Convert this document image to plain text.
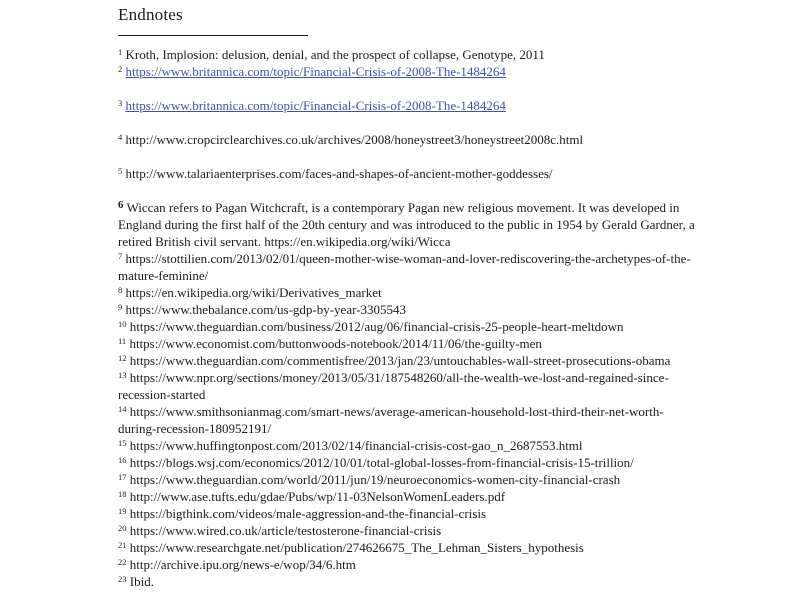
Endnotes

$^1$ Kroth, Implosion: delusion, denial, and the prospect of collapse, Genotype, 2011

$^2$ https://www.britannica.com/topic/Financial-Crisis-of-2008-The-1484264

$^3$ https://www.britannica.com/topic/Financial-Crisis-of-2008-The-1484264

$^4$ http://www.cropcirclearchives.co.uk/archives/2008/honeystreet3/honeystreet2008c.html

$^5$ http://www.talariaenterprises.com/faces-and-shapes-of-ancient-mother-goddesses/

$^6$ Wiccan refers to Pagan Witchcraft, is a contemporary Pagan new religious movement. It was developed in England during the first half of the 20th century and was introduced to the public in 1954 by Gerald Gardner, a retired British civil servant. https://en.wikipedia.org/wiki/Wicca

$^7$ https://stottilien.com/2013/02/01/queen-mother-wise-woman-and-lover-rediscovering-the-archetypes-of-the-mature-feminine/

$^8$ https://en.wikipedia.org/wiki/Derivatives_market

$^9$ https://www.thebalance.com/us-gdp-by-year-3305543

$^{10}$ https://www.theguardian.com/business/2012/aug/06/financial-crisis-25-people-heart-meltdown

$^{11}$ https://www.economist.com/buttonwoods-notebook/2014/11/06/the-guilty-men

$^{12}$ https://www.theguardian.com/commentisfree/2013/jan/23/untouchables-wall-street-prosecutions-obama

$^{13}$ https://www.npr.org/sections/money/2013/05/31/187548260/all-the-wealth-we-lost-and-regained-since-recession-started

$^{14}$ https://www.smithsonianmag.com/smart-news/average-american-household-lost-third-their-net-worth-during-recession-180952191/

$^{15}$ https://www.huffingtonpost.com/2013/02/14/financial-crisis-cost-gao_n_2687553.html

$^{16}$ https://blogs.wsj.com/economics/2012/10/01/total-global-losses-from-financial-crisis-15-trillion/

$^{17}$ https://www.theguardian.com/world/2011/jun/19/neuroeconomics-women-city-financial-crash

$^{18}$ http://www.ase.tufts.edu/gdae/Pubs/wp/11-03NelsonWomenLeaders.pdf

$^{19}$ https://bigthink.com/videos/male-aggression-and-the-financial-crisis

$^{20}$ https://www.wired.co.uk/article/testosterone-financial-crisis

$^{21}$ https://www.researchgate.net/publication/274626675_The_Lehman_Sisters_hypothesis

$^{22}$ http://archive.ipu.org/news-e/wop/34/6.htm

$^{23}$ Ibid.
